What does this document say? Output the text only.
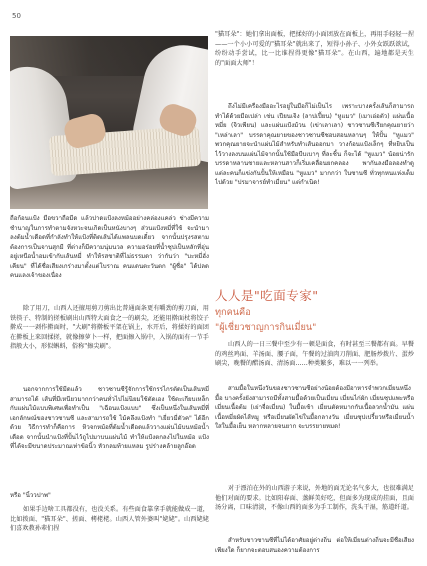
50

ถือก้อนแป้ง มือขวาถือมีด แล้วปาดแป้งลงหม้ออย่างคล่องแคล่ว ช่างมีความชำนาญในการทำตามจังหวะจนเกิดเป็นหนังบางๆ ส่วนแป้งหมี่ที่ใช้ จะนำมาลงต้มน้ำเดือดที่กำลังทำให้แป้งที่ติดเส้นได้แพลนบดเดี๋ยว จากนั้นปรุงรสตามต้องการเป็นจานสุกมี ที่ต่างก็มีความนุ่มนวล ความอร่อยที่น้ำซุปเป็นหลักที่อุ่นอยู่เหนือน้ำอมเข้ากับเส้นหมี่ ทำให้รสชาติที่ไม่ธรรมดา ว่ากันว่า "บะหมี่ฮั่งเคียน" ที่ได้ชื่อเสียงเกร่างมาตั้งแต่โบราณ คนแดนตะวันตก "ผู้ชื่อ" ได้ปลดคนแลงเจ้าของเนื่อง

除了用刀，山西人还擅用剪刀剪出比普通面条更有嚼劲的剪刀面，用铁筷子、特制的搓板刷出山西特大面食之一的刷尖，还能用擀面杖将饺子擀成一一剥作擀面时，"大刷"将擀板平架在锅上，水开后，将揉好的面团在擀板上来回揉搓，就像擦萝卜一样，把面擦入锅中，入锅的面有一节手指般大小，形似蝌蚪，俗称"擦尖刷"。

นอกจากการใช้มีดแล้ว ชาวซานซีรู้จักการใช้กรรไกรตัดเป็นเส้นหมี่สามารถได้ เส้นที่มีเหนียวมากกว่าคนทั่วไปไม่นิยมใช้ตัดเอง ใช้ตะเกียบเหล็กกับแผ่นไม้แบบพิเศษเพื่อทำเป็น "เฉือนแป้งแบบ" ซึ่งเป็นหนึ่งในเส้นหมี่ที่เอกลักษณ์ของชาวซานซี และสามารถใช้ ไม้คลึงแป้งทำ "เยี่ยวมี่ตัวค" ได้อีกด้วย วิธีการทำก็คือการ หิวจกหม้อที่ต้มน้ำเดือดแล้ววางแผ่นไม้บนหม้อน้ำเดือด จากนั้นนำแป้งที่ปั้นไว้ถูไปมาบนแผ่นไม้ ทำให้แป้งตกลงไปในหม้อ แป้งที่ได้จะมีขนาดประมาณเท่าข้อนิ้ว หัวกลมท้ายแหลม รูปร่างคล้ายลูกอ๊อด

หรือ "นิ้ววปาพ"

如果手边啥工具都没有，也没关系。有些面食靠拿手就能做成一道，比如拨面、"猫耳朵"、搓面、栲栳栳。山西人管外婆叫"姥姥"。山西姥姥们喜欢教孙辈们捏

"猫耳朵"：她们拿出面板，把揉好的小面团放在面板上，再用手轻轻一捏——一个小小可爱的"猫耳朵"就出来了，短得小孙子、小外女跃跃欲试，纷纷动手尝试，比一比谁捏得更像"猫耳朵"。在山西，遍地都是天生的"面面大师"！

ถึงไม่มีเครื่องมืออะไรอยู่ในมือก็ไม่เป็นไร เพราะบางครั้งเส้นก็สามารถทำได้ด้วยมือเปล่า เช่น เปียนเจิง (ลาปเปี้ยน) "หูแมว" (เมาเอ่อตัว) แผ่นเนื้อหมี่ย (จิวเพียน) และแผ่นแป้งม้วน (เข่าเลาเลา) ชาวซานซีเรียกคุณยายว่า "เหล่าเลา" บรรดาคุณยายของชาวซานซีชอบสอนหลานๆ ให้ปั้น "หูแมว" พวกคุณยายจะนำแผ่นไม้สำหรับทำเส้นออกมา วางก้อนแป้งเล็กๆ ที่หยิบเป็นไว้วางลงบนแผ่นไม้จากนั้นใช้มือบีบเบาๆ ที่ละชิ้น ก็จะได้ "หูแมว" น้อยน่ารัก บรรดาหลานชายและหลานสาวก็เริ่มเคลื่อนยกคลอง พากันลงมือลองทำดู แต่ละคนก็แข่งกันปั้นให้เหมือน "หูแมว" มากกว่า ในซานซี ทั่วทุกหนแห่งเต็มไปด้วย "ปรมาจารย์ทำเมี่ยน" แต่กำเนิด!

人人是"吃面专家"
ทุกคนคือ
"ผู้เชี่ยวชาญการกินเมี่ยน"

山西人的一日三餐中至少有一顿是面食，有时甚至三餐都有面。早餐的鸡丝鸡面、羊汤面、腰子面，午餐的过油肉刀削面、肥肠炒拨片、蛋炒刷尖，晚餐的醋汤面、清汤面……种类繁多，难以一一列举。

สามมื้อในหนึ่งวันของชาวซานซีอย่างน้อยต้องมีอาหารจำพวกเมี่ยนหนึ่งมื้อ บางครั้งยังสามารถมีทั้งสามมื้อด้วยเป็นเมี่ยน เมี่ยนไก่ผัก เมี่ยนซุปแพะหรือเมี่ยนเนื้อต้ม (เย่าจื่อเมี่ยน) ในมื้อเช้า เมี่ยนตัดหมากกับเนื้อลวกน้ำมัน แผ่นเนื้อหมี่ยผัดไส้หมู หรือเมี่ยนผัดไข่ในมื้อกลางวัน เมี่ยนซุปเปรี้ยวหรือเมี่ยนน้ำใสในมื้อเย็น หลากหลายจนยาก จะบรรยายหมด!

对于漂泊在外的山西游子来说，外地的面无论名气多大，也很难满足他们对面的要求。比如阳春面、蒸鲜美好吃，但面多为现成的挂面，且面汤分离，口味清淡，不像山西的面多为手工制作，洗头干湿，筋道纤道。

สำหรับชาวซานซีที่ไม่ได้อาศัยอยู่ต่างถิ่น ต่อให้เมี่ยนต่างถิ่นจะมีชื่อเสียงเพียงใด ก็ยากจะตอบสนองความต้องการ
